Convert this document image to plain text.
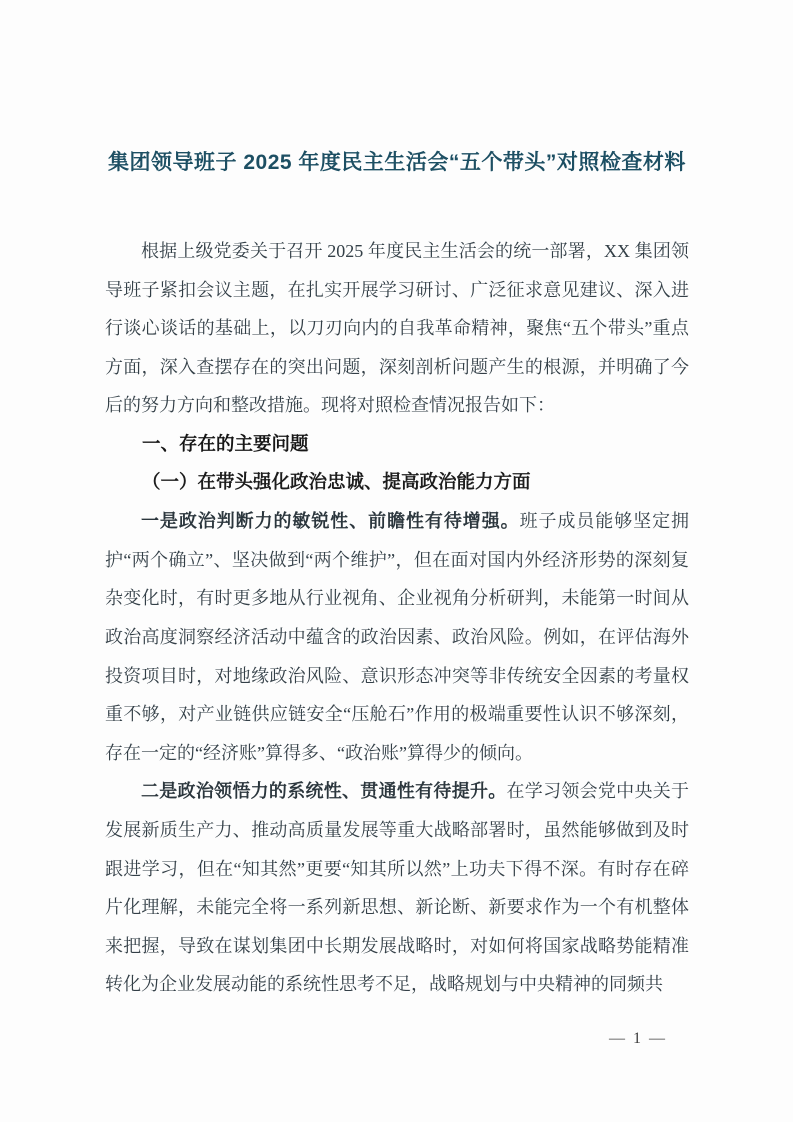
集团领导班子 2025 年度民主生活会“五个带头”对照检查材料

根据上级党委关于召开 2025 年度民主生活会的统一部署，XX 集团领导班子紧扣会议主题，在扎实开展学习研讨、广泛征求意见建议、深入进行谈心谈话的基础上，以刀刃向内的自我革命精神，聚焦“五个带头”重点方面，深入查摆存在的突出问题，深刻剖析问题产生的根源，并明确了今后的努力方向和整改措施。现将对照检查情况报告如下：

一、存在的主要问题
（一）在带头强化政治忠诚、提高政治能力方面

一是政治判断力的敏锐性、前瞻性有待增强。班子成员能够坚定拥护“两个确立”、坚决做到“两个维护”，但在面对国内外经济形势的深刻复杂变化时，有时更多地从行业视角、企业视角分析研判，未能第一时间从政治高度洞察经济活动中蕴含的政治因素、政治风险。例如，在评估海外投资项目时，对地缘政治风险、意识形态冲突等非传统安全因素的考量权重不够，对产业链供应链安全“压舱石”作用的极端重要性认识不够深刻，存在一定的“经济账”算得多、“政治账”算得少的倾向。

二是政治领悟力的系统性、贯通性有待提升。在学习领会党中央关于发展新质生产力、推动高质量发展等重大战略部署时，虽然能够做到及时跟进学习，但在“知其然”更要“知其所以然”上功夫下得不深。有时存在碎片化理解，未能完全将一系列新思想、新论断、新要求作为一个有机整体来把握，导致在谋划集团中长期发展战略时，对如何将国家战略势能精准转化为企业发展动能的系统性思考不足，战略规划与中央精神的同频共

— 1 —
